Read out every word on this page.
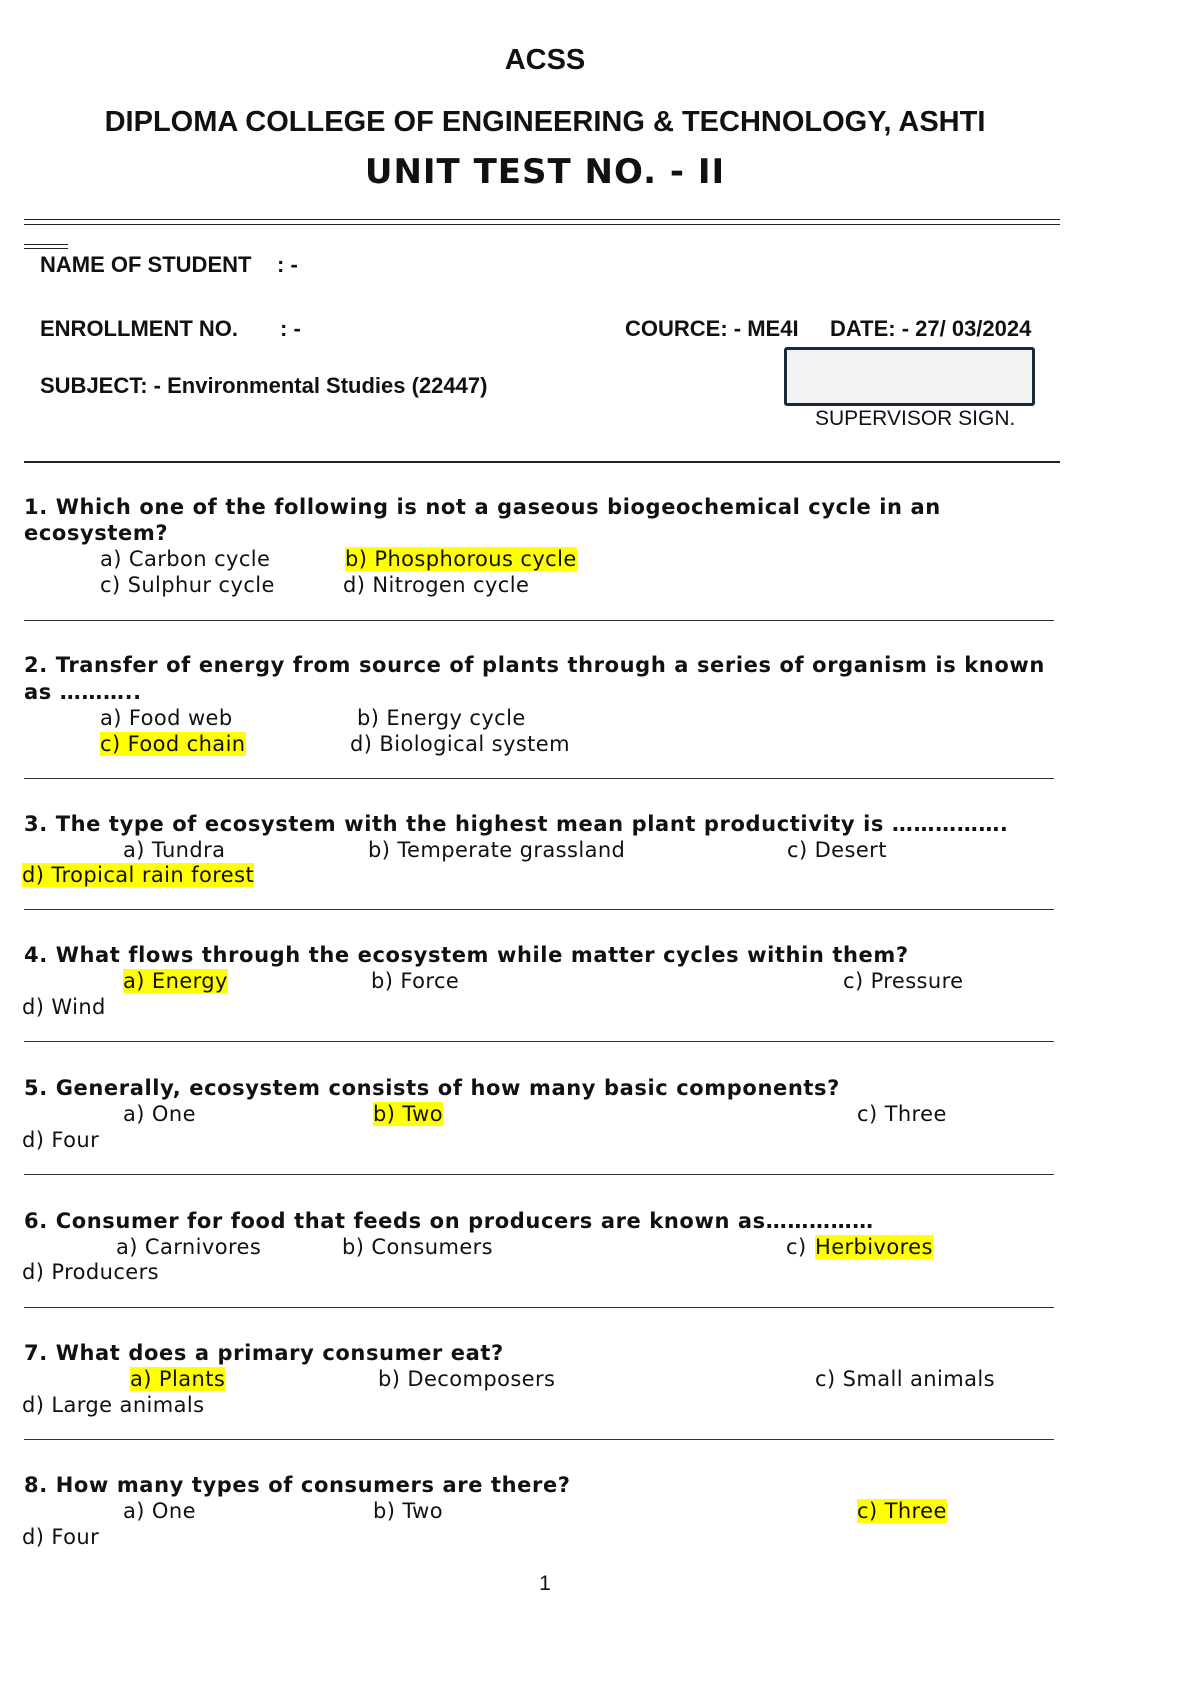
ACSS
DIPLOMA COLLEGE OF ENGINEERING & TECHNOLOGY, ASHTI
UNIT TEST NO. - II
NAME OF STUDENT : -
ENROLLMENT NO. : -	COURCE: - ME4I DATE: - 27/ 03/2024
SUBJECT: - Environmental Studies (22447)
SUPERVISOR SIGN.
1. Which one of the following is not a gaseous biogeochemical cycle in an
ecosystem?
a) Carbon cycle	b) Phosphorous cycle
c) Sulphur cycle	d) Nitrogen cycle
2. Transfer of energy from source of plants through a series of organism is known
as ………..
a) Food web	b) Energy cycle
c) Food chain	d) Biological system
3. The type of ecosystem with the highest mean plant productivity is …………….
a) Tundra	b) Temperate grassland	c) Desert
d) Tropical rain forest
4. What flows through the ecosystem while matter cycles within them?
a) Energy	b) Force	c) Pressure
d) Wind
5. Generally, ecosystem consists of how many basic components?
a) One	b) Two	c) Three
d) Four
6. Consumer for food that feeds on producers are known as……………
a) Carnivores	b) Consumers	c) Herbivores
d) Producers
7. What does a primary consumer eat?
a) Plants	b) Decomposers	c) Small animals
d) Large animals
8. How many types of consumers are there?
a) One	b) Two	c) Three
d) Four
1
